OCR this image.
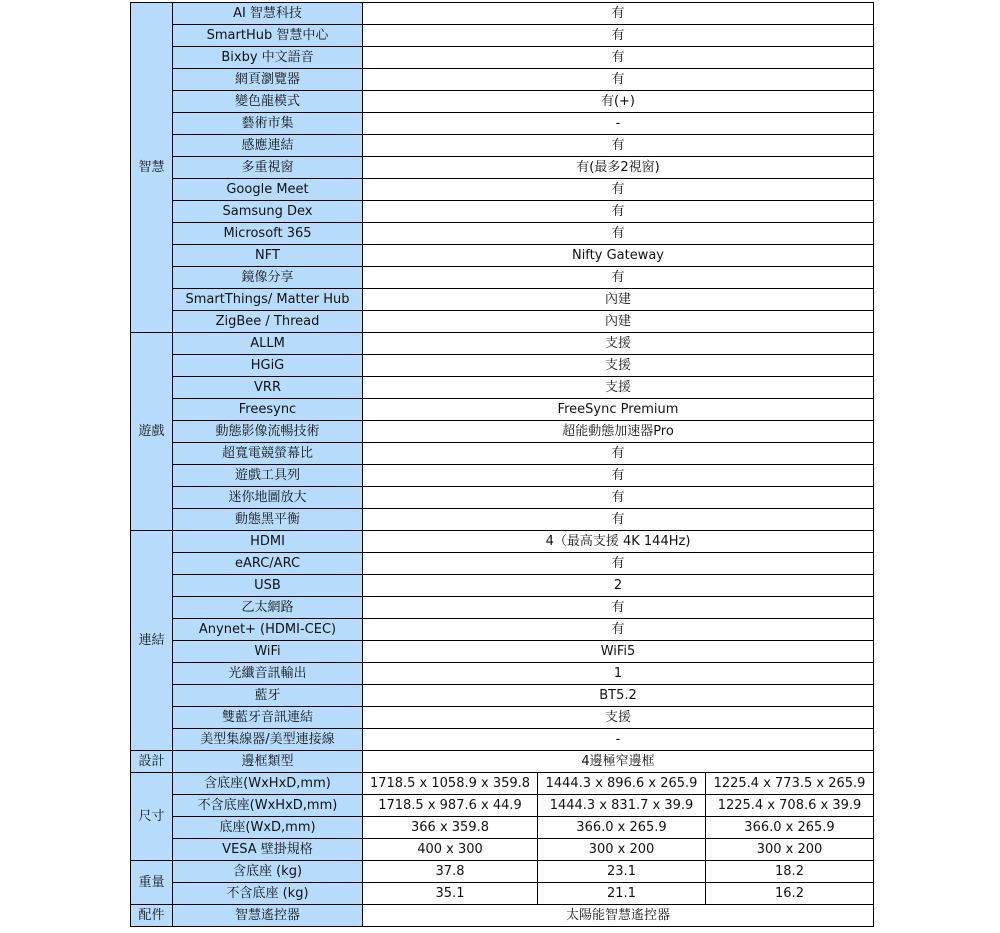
智慧	AI 智慧科技	有		
	SmartHub 智慧中心	有		
	Bixby 中文語音	有		
	網頁瀏覽器	有		
	變色龍模式	有(+)		
	藝術市集	-		
	感應連結	有		
	多重視窗	有(最多2視窗)		
	Google Meet	有		
	Samsung Dex	有		
	Microsoft 365	有		
	NFT	Nifty Gateway		
	鏡像分享	有		
	SmartThings/ Matter Hub	內建		
	ZigBee / Thread	內建		
遊戲	ALLM	支援		
	HGiG	支援		
	VRR	支援		
	Freesync	FreeSync Premium		
	動態影像流暢技術	超能動態加速器Pro		
	超寬電競螢幕比	有		
	遊戲工具列	有		
	迷你地圖放大	有		
	動態黑平衡	有		
連結	HDMI	4（最高支援 4K 144Hz)		
	eARC/ARC	有		
	USB	2		
	乙太網路	有		
	Anynet+ (HDMI-CEC)	有		
	WiFi	WiFi5		
	光纖音訊輸出	1		
	藍牙	BT5.2		
	雙藍牙音訊連結	支援		
	美型集線器/美型連接線	-		
設計	邊框類型	4邊極窄邊框		
尺寸	含底座(WxHxD,mm)	1718.5 x 1058.9 x 359.8	1444.3 x 896.6 x 265.9	1225.4 x 773.5 x 265.9
	不含底座(WxHxD,mm)	1718.5 x 987.6 x 44.9	1444.3 x 831.7 x 39.9	1225.4 x 708.6 x 39.9
	底座(WxD,mm)	366 x 359.8	366.0 x 265.9	366.0 x 265.9
	VESA 壁掛規格	400 x 300	300 x 200	300 x 200
重量	含底座 (kg)	37.8	23.1	18.2
	不含底座 (kg)	35.1	21.1	16.2
配件	智慧遙控器	太陽能智慧遙控器		
